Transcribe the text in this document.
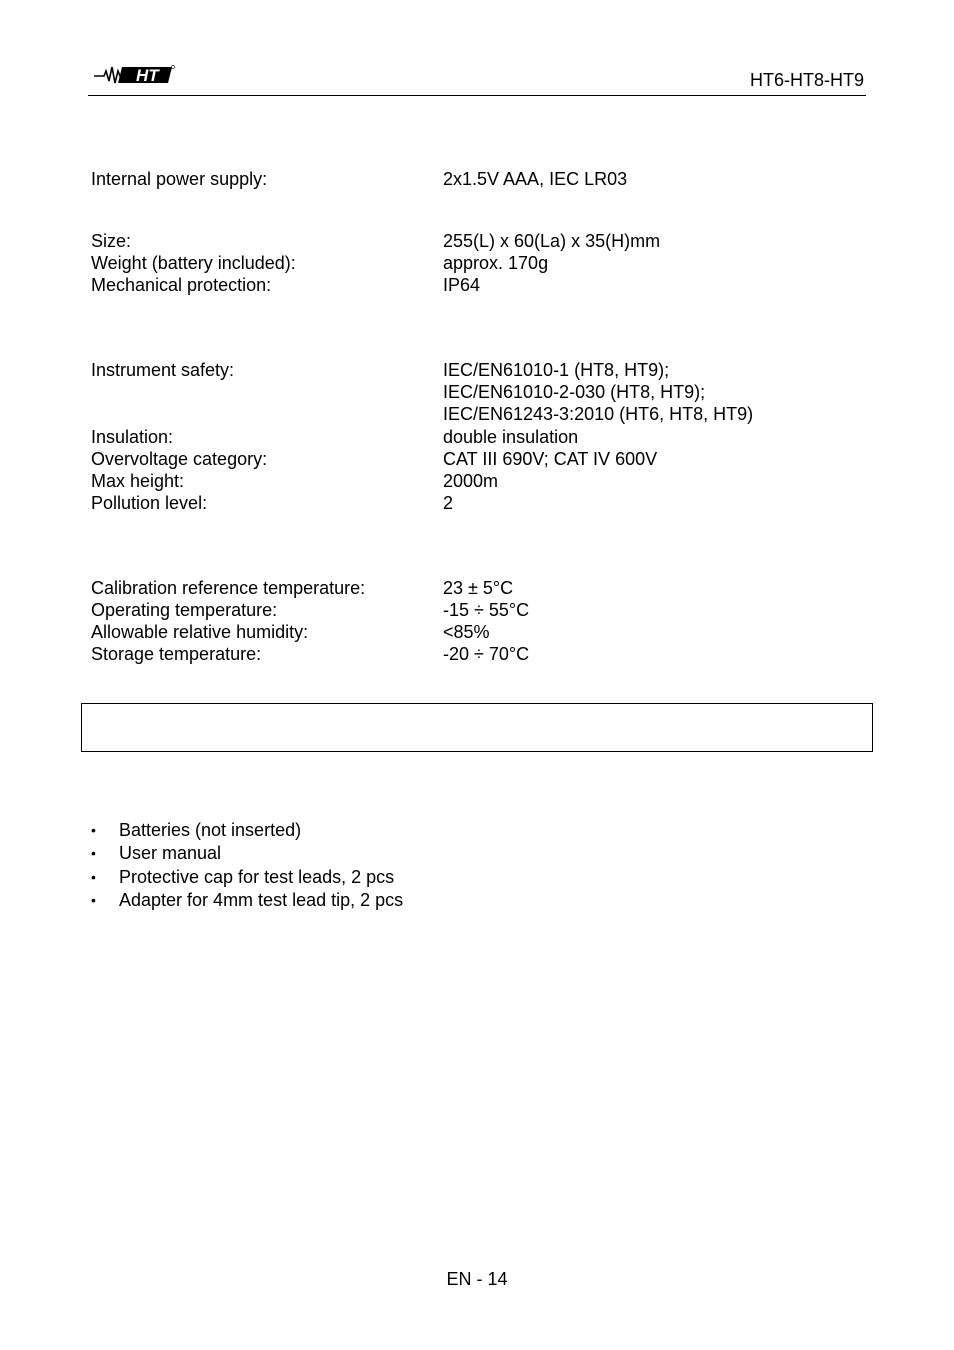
HT	HT6-HT8-HT9
Internal power supply:	2x1.5V AAA, IEC LR03
Size:	255(L) x 60(La) x 35(H)mm
Weight (battery included):	approx. 170g
Mechanical protection:	IP64
Instrument safety:	IEC/EN61010-1 (HT8, HT9);
IEC/EN61010-2-030 (HT8, HT9);
IEC/EN61243-3:2010 (HT6, HT8, HT9)
Insulation:	double insulation
Overvoltage category:	CAT III 690V; CAT IV 600V
Max height:	2000m
Pollution level:	2
Calibration reference temperature:	23 ± 5°C
Operating temperature:	-15 ÷ 55°C
Allowable relative humidity:	<85%
Storage temperature:	-20 ÷ 70°C
• Batteries (not inserted)
• User manual
• Protective cap for test leads, 2 pcs
• Adapter for 4mm test lead tip, 2 pcs
EN - 14
